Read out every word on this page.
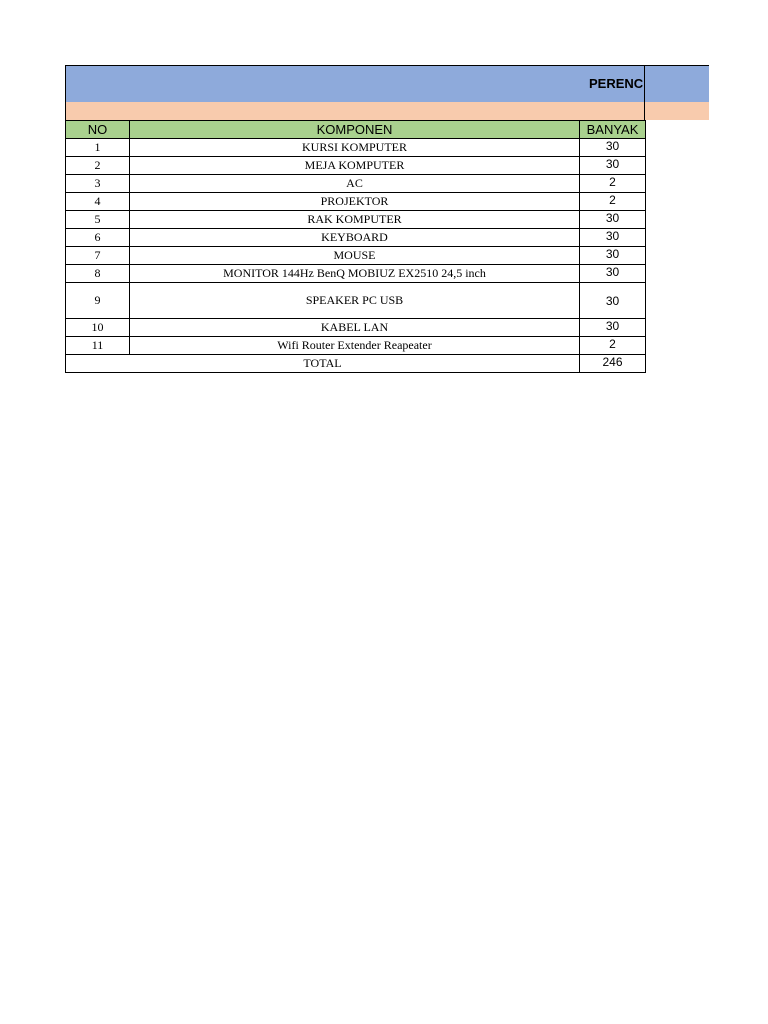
PERENC
NO	KOMPONEN	BANYAK
1	KURSI KOMPUTER	30
2	MEJA KOMPUTER	30
3	AC	2
4	PROJEKTOR	2
5	RAK KOMPUTER	30
6	KEYBOARD	30
7	MOUSE	30
8	MONITOR 144Hz BenQ MOBIUZ EX2510 24,5 inch	30
9	SPEAKER PC USB	30
10	KABEL LAN	30
11	Wifi Router Extender Reapeater	2
TOTAL		246
